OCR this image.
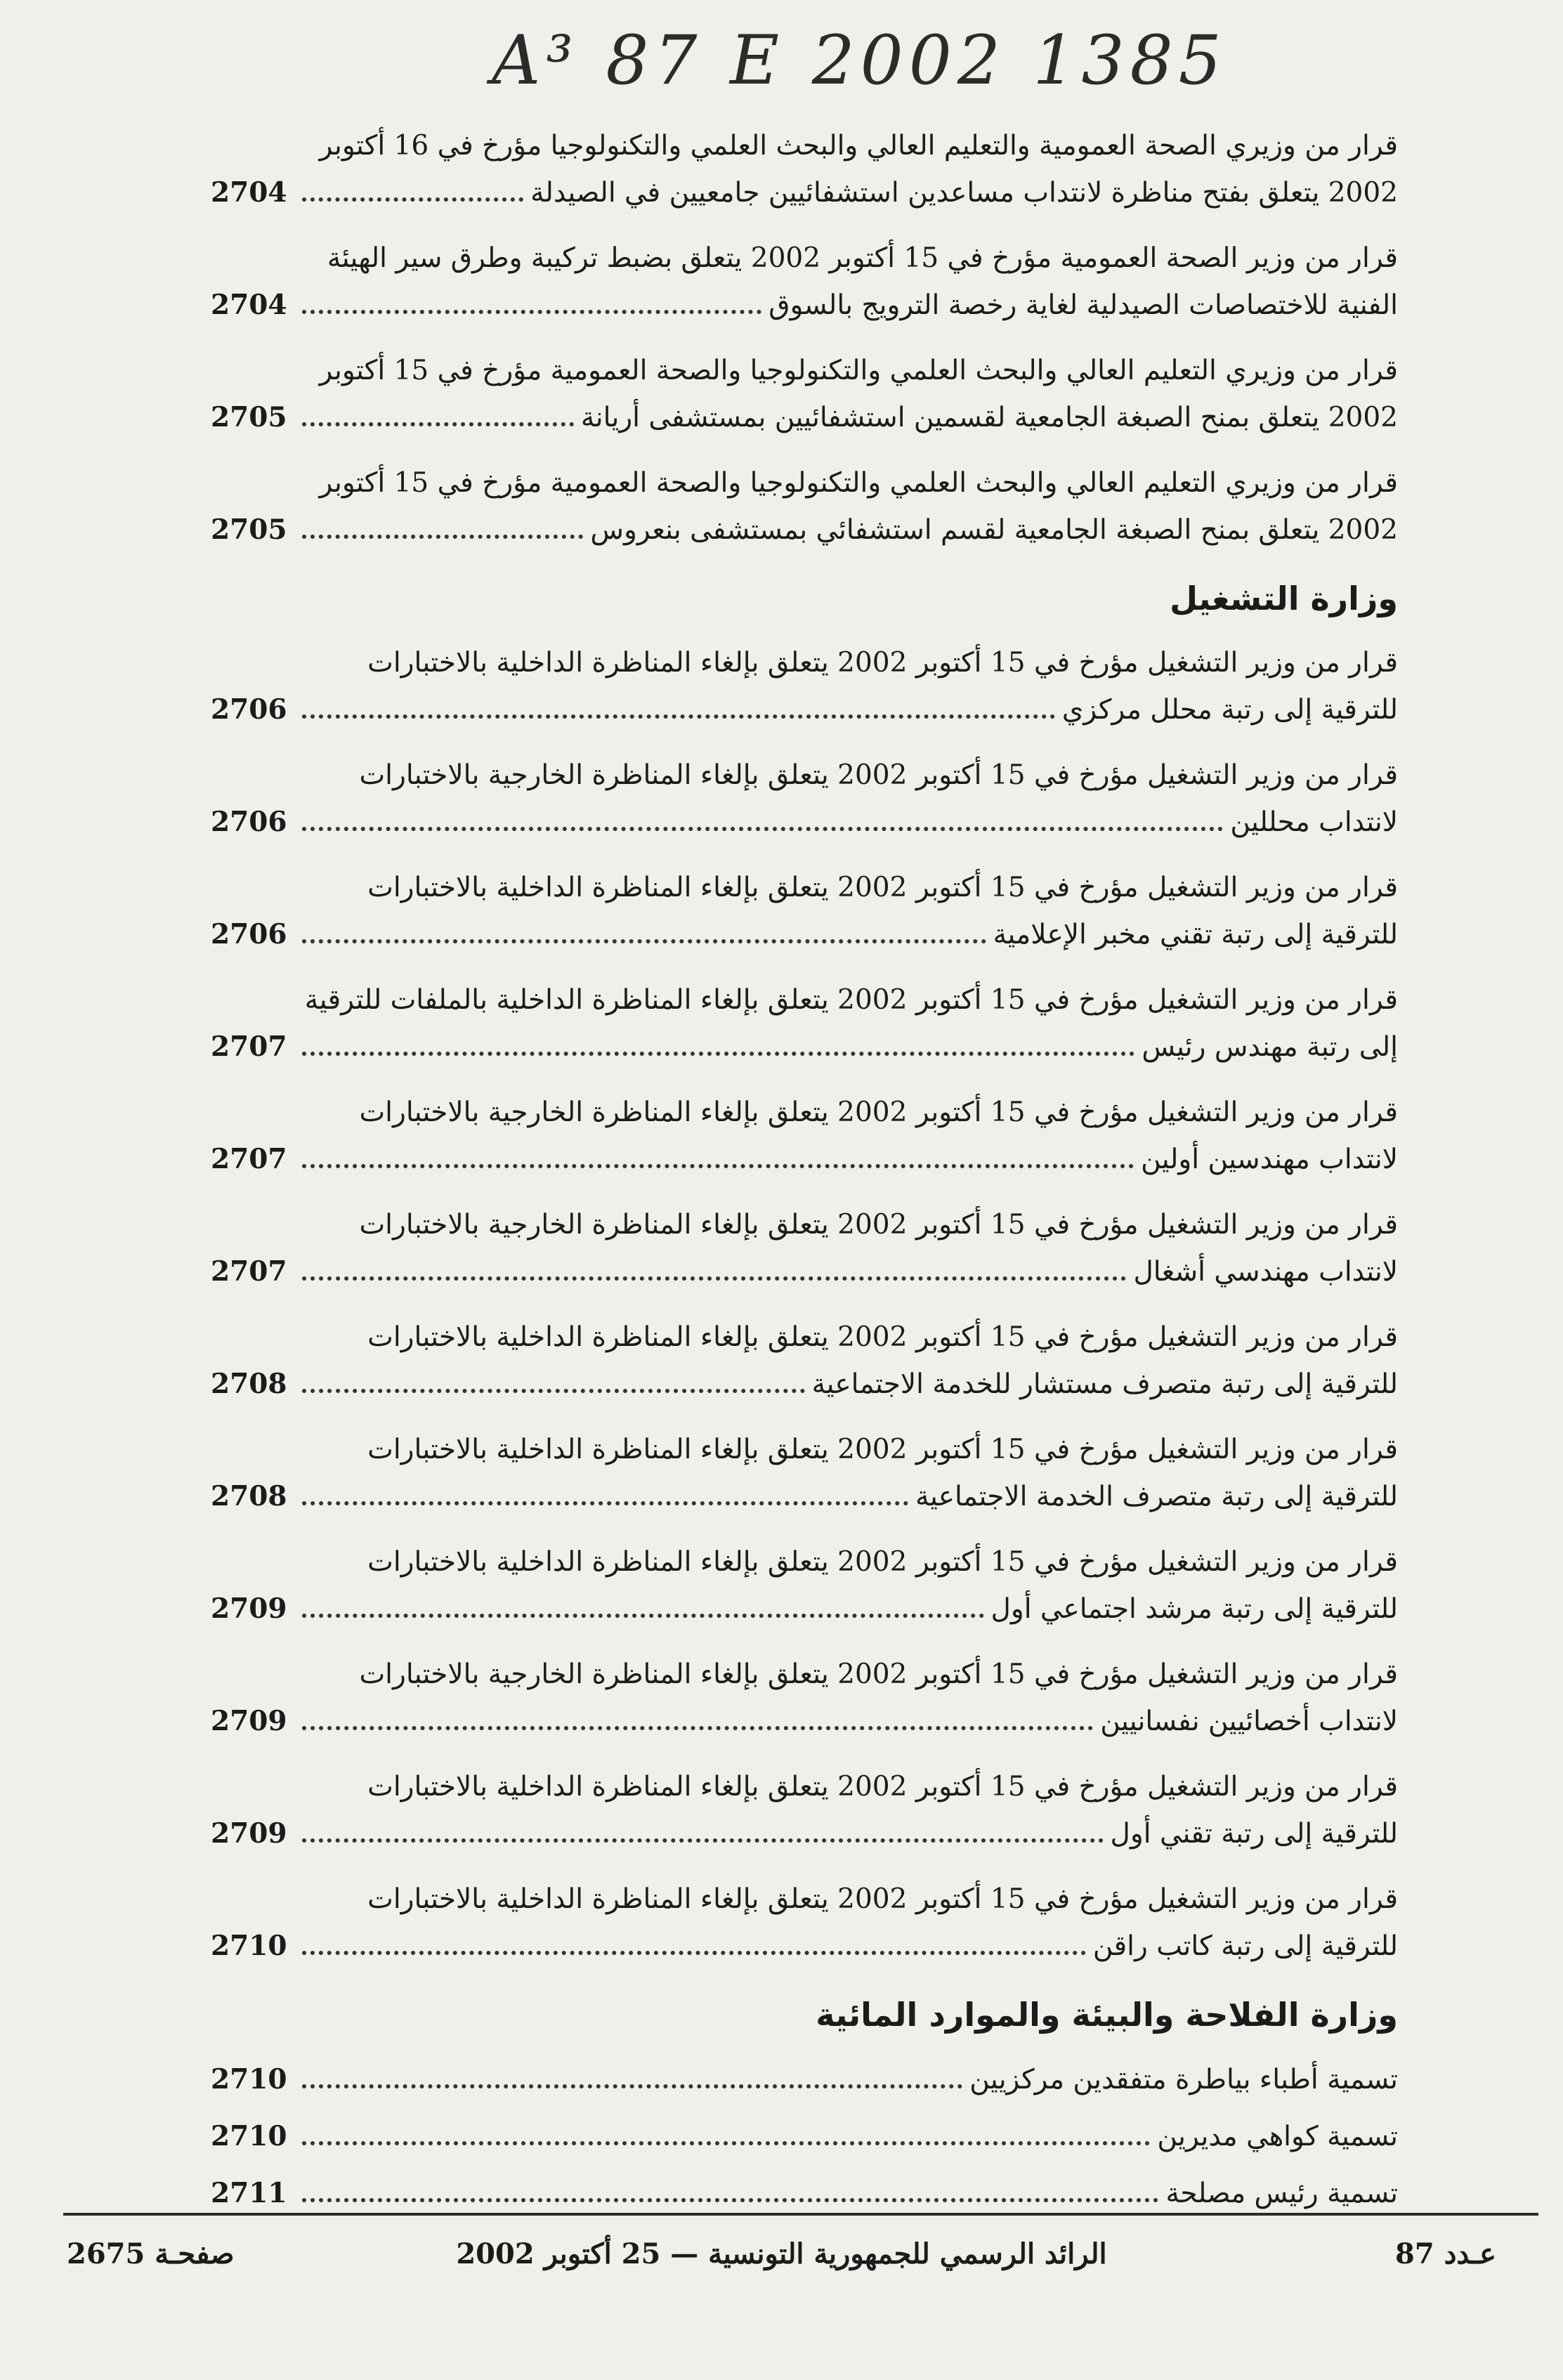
A³ 87 E 2002 1385
قرار من وزيري الصحة العمومية والتعليم العالي والبحث العلمي والتكنولوجيا مؤرخ في 16 أكتوبر
2002 يتعلق بفتح مناظرة لانتداب مساعدين استشفائيين جامعيين في الصيدلة
2704
قرار من وزير الصحة العمومية مؤرخ في 15 أكتوبر 2002 يتعلق بضبط تركيبة وطرق سير الهيئة
الفنية للاختصاصات الصيدلية لغاية رخصة الترويج بالسوق
2704
قرار من وزيري التعليم العالي والبحث العلمي والتكنولوجيا والصحة العمومية مؤرخ في 15 أكتوبر
2002 يتعلق بمنح الصبغة الجامعية لقسمين استشفائيين بمستشفى أريانة
2705
قرار من وزيري التعليم العالي والبحث العلمي والتكنولوجيا والصحة العمومية مؤرخ في 15 أكتوبر
2002 يتعلق بمنح الصبغة الجامعية لقسم استشفائي بمستشفى بنعروس
2705
وزارة التشغيل
قرار من وزير التشغيل مؤرخ في 15 أكتوبر 2002 يتعلق بإلغاء المناظرة الداخلية بالاختبارات
للترقية إلى رتبة محلل مركزي
2706
قرار من وزير التشغيل مؤرخ في 15 أكتوبر 2002 يتعلق بإلغاء المناظرة الخارجية بالاختبارات
لانتداب محللين
2706
قرار من وزير التشغيل مؤرخ في 15 أكتوبر 2002 يتعلق بإلغاء المناظرة الداخلية بالاختبارات
للترقية إلى رتبة تقني مخبر الإعلامية
2706
قرار من وزير التشغيل مؤرخ في 15 أكتوبر 2002 يتعلق بإلغاء المناظرة الداخلية بالملفات للترقية
إلى رتبة مهندس رئيس
2707
قرار من وزير التشغيل مؤرخ في 15 أكتوبر 2002 يتعلق بإلغاء المناظرة الخارجية بالاختبارات
لانتداب مهندسين أولين
2707
قرار من وزير التشغيل مؤرخ في 15 أكتوبر 2002 يتعلق بإلغاء المناظرة الخارجية بالاختبارات
لانتداب مهندسي أشغال
2707
قرار من وزير التشغيل مؤرخ في 15 أكتوبر 2002 يتعلق بإلغاء المناظرة الداخلية بالاختبارات
للترقية إلى رتبة متصرف مستشار للخدمة الاجتماعية
2708
قرار من وزير التشغيل مؤرخ في 15 أكتوبر 2002 يتعلق بإلغاء المناظرة الداخلية بالاختبارات
للترقية إلى رتبة متصرف الخدمة الاجتماعية
2708
قرار من وزير التشغيل مؤرخ في 15 أكتوبر 2002 يتعلق بإلغاء المناظرة الداخلية بالاختبارات
للترقية إلى رتبة مرشد اجتماعي أول
2709
قرار من وزير التشغيل مؤرخ في 15 أكتوبر 2002 يتعلق بإلغاء المناظرة الخارجية بالاختبارات
لانتداب أخصائيين نفسانيين
2709
قرار من وزير التشغيل مؤرخ في 15 أكتوبر 2002 يتعلق بإلغاء المناظرة الداخلية بالاختبارات
للترقية إلى رتبة تقني أول
2709
قرار من وزير التشغيل مؤرخ في 15 أكتوبر 2002 يتعلق بإلغاء المناظرة الداخلية بالاختبارات
للترقية إلى رتبة كاتب راقن
2710
وزارة الفلاحة والبيئة والموارد المائية
تسمية أطباء بياطرة متفقدين مركزيين
2710
تسمية كواهي مديرين
2710
تسمية رئيس مصلحة
2711
عـدد 87
الرائد الرسمي للجمهورية التونسية — 25 أكتوبر 2002
صفحـة 2675
